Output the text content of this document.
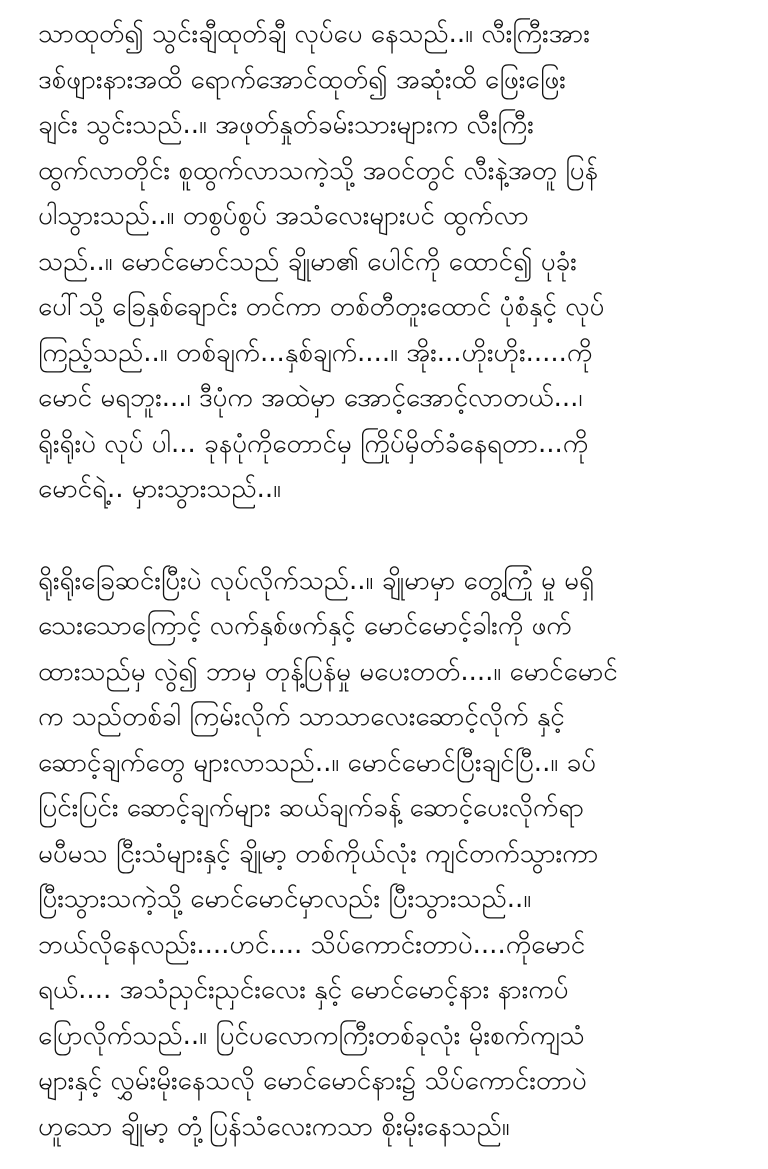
သာထုတ်၍ သွင်းချီထုတ်ချီ လုပ်ပေ နေသည်..။ လီးကြီးအား
ဒစ်ဖျားနားအထိ ရောက်အောင်ထုတ်၍ အဆုံးထိ ဖြေးဖြေး
ချင်း သွင်းသည်..။ အဖုတ်နှုတ်ခမ်းသားများက လီးကြီး
ထွက်လာတိုင်း စူထွက်လာသကဲ့သို့ အဝင်တွင် လီးနဲ့အတူ ပြန်
ပါသွားသည်..။ တစွပ်စွပ် အသံလေးများပင် ထွက်လာ
သည်..။ မောင်မောင်သည် ချိုမာ၏ ပေါင်ကို ထောင်၍ ပုခုံး
ပေါ်သို့ ခြေနှစ်ချောင်း တင်ကာ တစ်တီတူးထောင် ပုံစံနှင့် လုပ်
ကြည့်သည်..။ တစ်ချက်...နှစ်ချက်....။ အိုး...ဟိုးဟိုး.....ကို
မောင် မရဘူး...၊ ဒီပုံက အထဲမှာ အောင့်အောင့်လာတယ်...၊
ရိုးရိုးပဲ လုပ် ပါ... ခုနပုံကိုတောင်မှ ကြိုပ်မှိတ်ခံနေရတာ...ကို
မောင်ရဲ့.. မှားသွားသည်..။
ရိုးရိုးခြေဆင်းပြီးပဲ လုပ်လိုက်သည်..။ ချိုမာမှာ တွေ့ကြုံ မှု မရှိ
သေးသောကြောင့် လက်နှစ်ဖက်နှင့် မောင်မောင့်ခါးကို ဖက်
ထားသည်မှ လွဲ၍ ဘာမှ တုန့်ပြန်မှု မပေးတတ်....။ မောင်မောင်
က သည်တစ်ခါ ကြမ်းလိုက် သာသာလေးဆောင့်လိုက် နှင့်
ဆောင့်ချက်တွေ များလာသည်..။ မောင်မောင်ပြီးချင်ပြီ..။ ခပ်
ပြင်းပြင်း ဆောင့်ချက်များ ဆယ်ချက်ခန့် ဆောင့်ပေးလိုက်ရာ
မပီမသ ငြီးသံများနှင့် ချိုမာ့ တစ်ကိုယ်လုံး ကျင်တက်သွားကာ
ပြီးသွားသကဲ့သို့ မောင်မောင်မှာလည်း ပြီးသွားသည်..။
ဘယ်လိုနေလည်း....ဟင်.... သိပ်ကောင်းတာပဲ....ကိုမောင်
ရယ်.... အသံညှင်းညှင်းလေး နှင့် မောင်မောင့်နား နားကပ်
ပြောလိုက်သည်..။ ပြင်ပလောကကြီးတစ်ခုလုံး မိုးစက်ကျသံ
များနှင့် လွှမ်းမိုးနေသလို မောင်မောင်နား၌ သိပ်ကောင်းတာပဲ
ဟူသော ချိုမာ့ တုံ့ပြန်သံလေးကသာ စိုးမိုးနေသည်။
